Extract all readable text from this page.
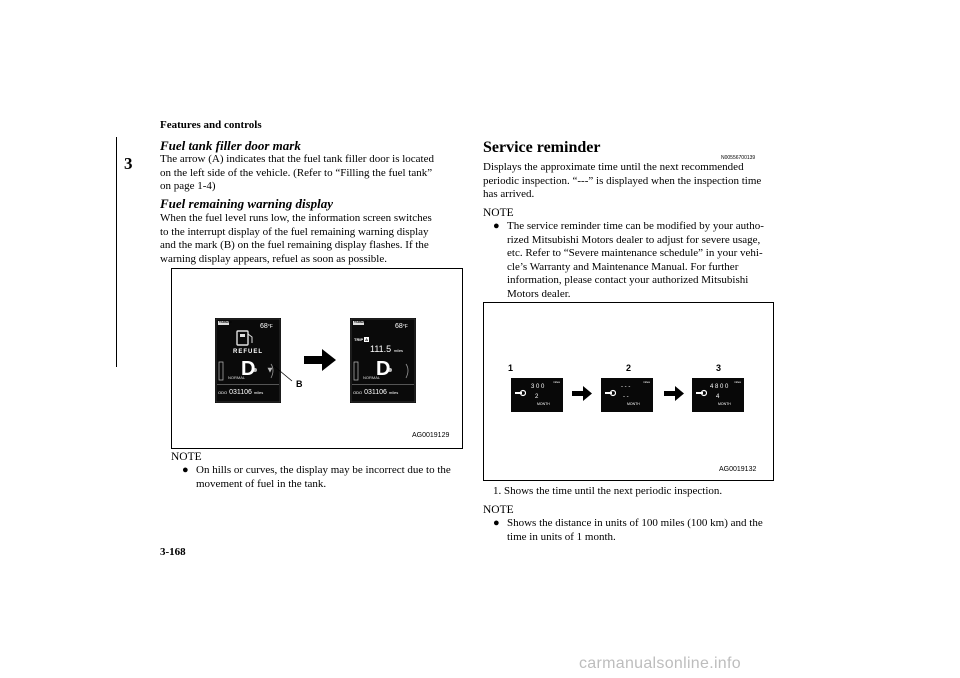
Features and controls
3
Fuel tank filler door mark
The arrow (A) indicates that the fuel tank filler door is located
on the left side of the vehicle. (Refer to “Filling the fuel tank”
on page 1-4)
Fuel remaining warning display
When the fuel level runs low, the information screen switches
to the interrupt display of the fuel remaining warning display
and the mark (B) on the fuel remaining display flashes. If the
warning display appears, refuel as soon as possible.
TARMAC
68°F
REFUEL
D
NORMAL
ODO 031106 miles
B
TARMAC
68°F
TRIP A
111.5 miles
D
NORMAL
ODO 031106 miles
AG0019129
NOTE
● On hills or curves, the display may be incorrect due to the
movement of fuel in the tank.
Service reminder
N00556700139
Displays the approximate time until the next recommended
periodic inspection. “---” is displayed when the inspection time
has arrived.
NOTE
● The service reminder time can be modified by your autho-
rized Mitsubishi Motors dealer to adjust for severe usage,
etc. Refer to “Severe maintenance schedule” in your vehi-
cle’s Warranty and Maintenance Manual. For further
information, please contact your authorized Mitsubishi
Motors dealer.
1
miles
3 0 0
2
MONTH
2
miles
- - -
- -
MONTH
3
miles
4 8 0 0
4
MONTH
AG0019132
1. Shows the time until the next periodic inspection.
NOTE
● Shows the distance in units of 100 miles (100 km) and the
time in units of 1 month.
3-168
carmanualsonline.info
